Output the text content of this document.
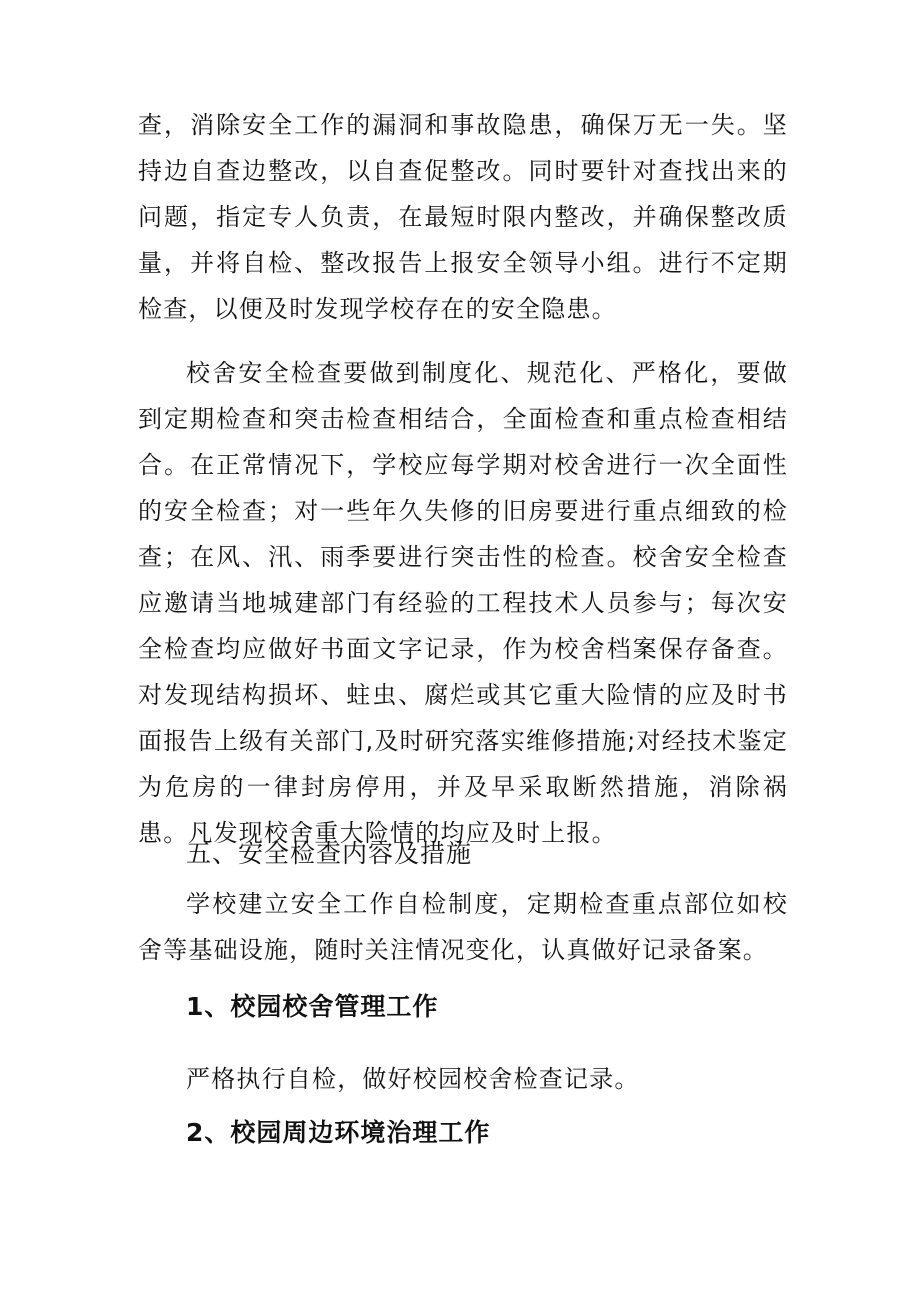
查，消除安全工作的漏洞和事故隐患，确保万无一失。坚持边自查边整改，以自查促整改。同时要针对查找出来的问题，指定专人负责，在最短时限内整改，并确保整改质量，并将自检、整改报告上报安全领导小组。进行不定期检查，以便及时发现学校存在的安全隐患。

校舍安全检查要做到制度化、规范化、严格化，要做到定期检查和突击检查相结合，全面检查和重点检查相结合。在正常情况下，学校应每学期对校舍进行一次全面性的安全检查；对一些年久失修的旧房要进行重点细致的检查；在风、汛、雨季要进行突击性的检查。校舍安全检查应邀请当地城建部门有经验的工程技术人员参与；每次安全检查均应做好书面文字记录，作为校舍档案保存备查。对发现结构损坏、蛀虫、腐烂或其它重大险情的应及时书面报告上级有关部门,及时研究落实维修措施;对经技术鉴定为危房的一律封房停用，并及早采取断然措施，消除祸患。凡发现校舍重大险情的均应及时上报。

五、安全检查内容及措施

学校建立安全工作自检制度，定期检查重点部位如校舍等基础设施，随时关注情况变化，认真做好记录备案。

1、校园校舍管理工作
严格执行自检，做好校园校舍检查记录。
2、校园周边环境治理工作
